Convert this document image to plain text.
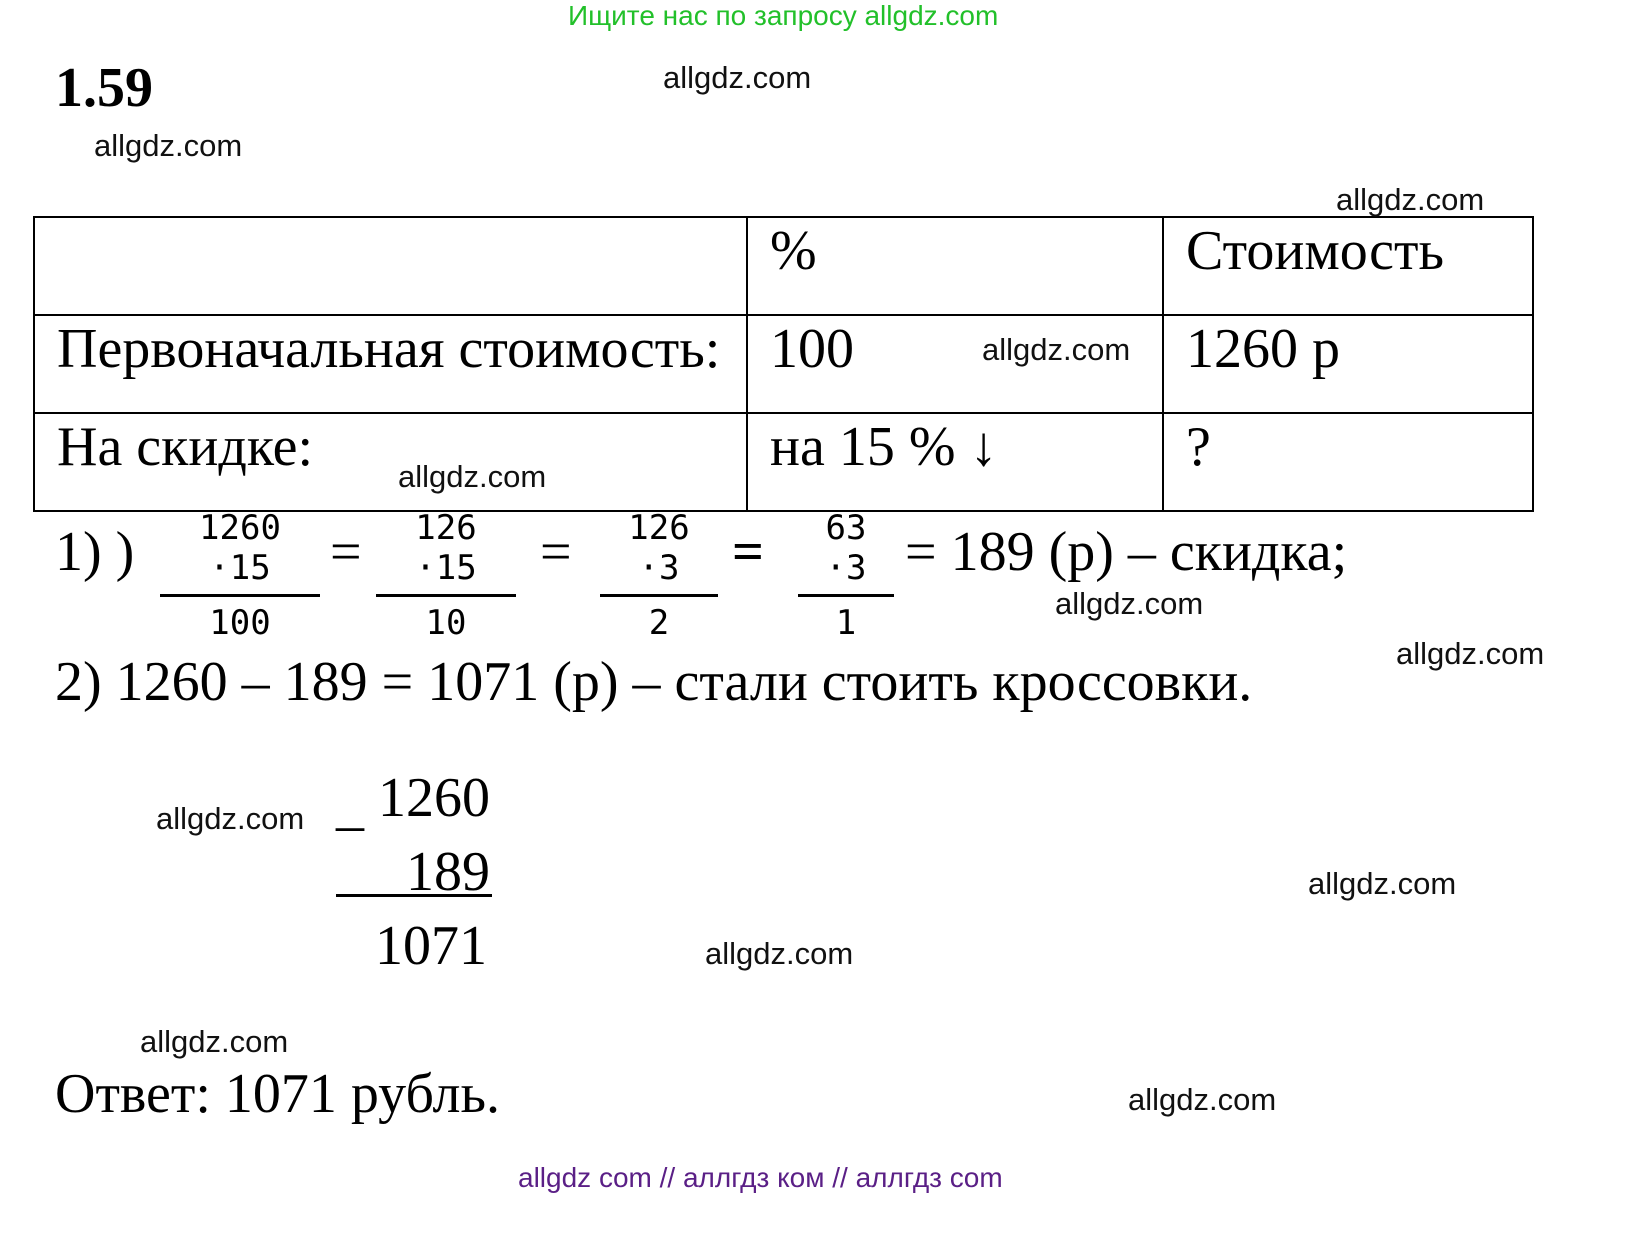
Ищите нас по запросу allgdz.com
1.59
	%	Стоимость
Первоначальная стоимость:	100	1260 р
На скидке:	на 15 % ↓	?
1) )	1260 ·15
100
=	126 ·15
10
=	126 ·3
2
=	63 ·3
1
= 189 (р) – скидка;
2) 1260 – 189 = 1071 (р) – стали стоить кроссовки.
_ 1260
189
1071
Ответ: 1071 рубль.
allgdz.com
allgdz.com
allgdz.com
allgdz.com
allgdz.com
allgdz.com
allgdz.com
allgdz.com
allgdz.com
allgdz.com
allgdz.com
allgdz.com
allgdz com // аллгдз ком // аллгдз com
